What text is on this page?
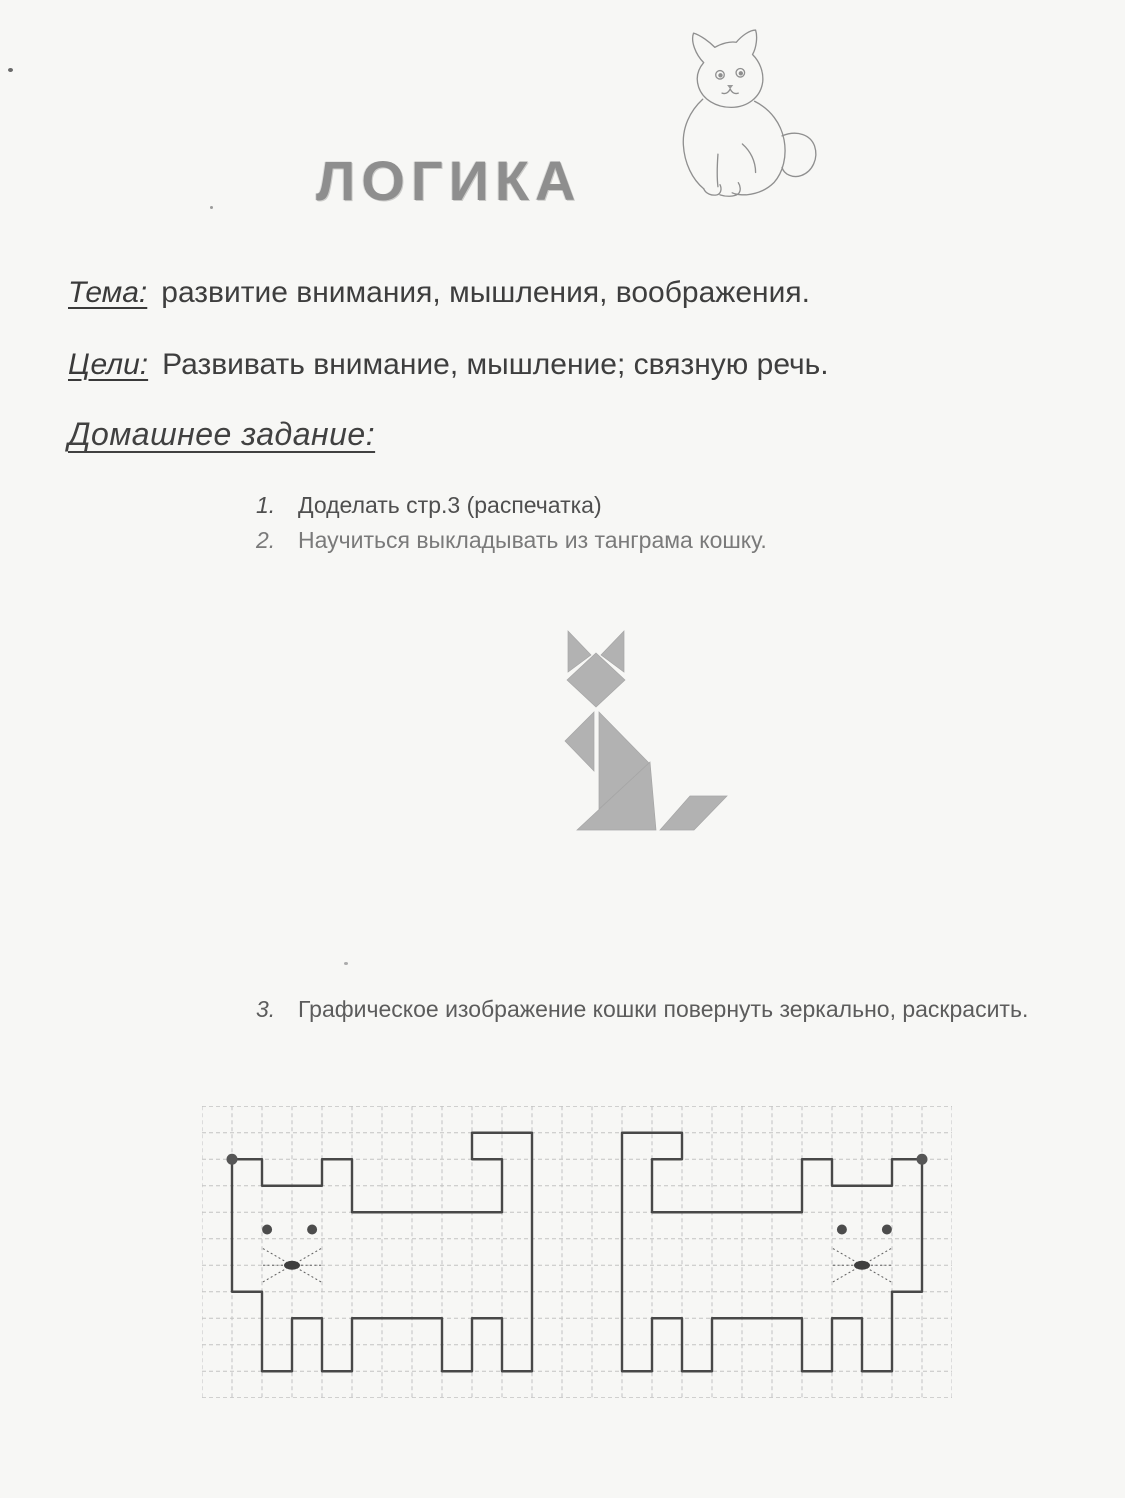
ЛОГИКА
Тема: развитие внимания, мышления, воображения.
Цели: Развивать внимание, мышление; связную речь.
Домашнее задание:
1. Доделать стр.3 (распечатка)
2. Научиться выкладывать из танграма кошку.
3. Графическое изображение кошки повернуть зеркально, раскрасить.
